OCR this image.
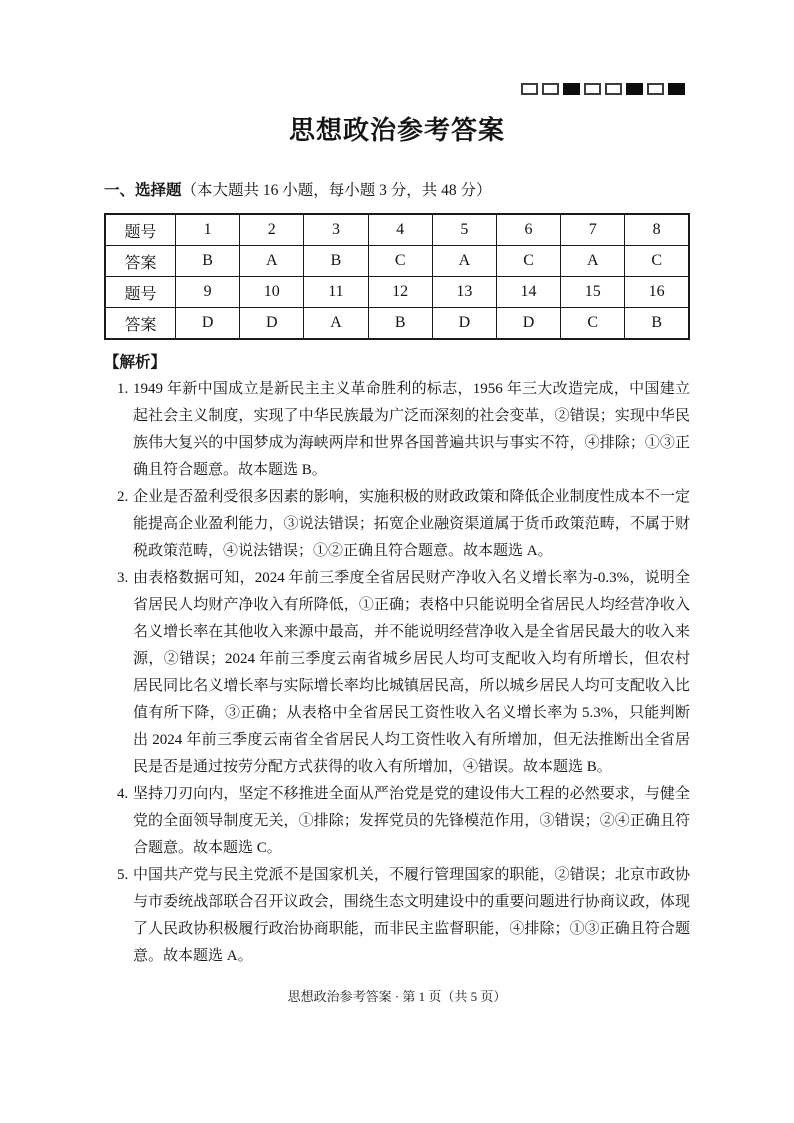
思想政治参考答案
一、选择题（本大题共 16 小题，每小题 3 分，共 48 分）
题号	1	2	3	4	5	6	7	8
答案	B	A	B	C	A	C	A	C
题号	9	10	11	12	13	14	15	16
答案	D	D	A	B	D	D	C	B
【解析】
1. 1949 年新中国成立是新民主主义革命胜利的标志，1956 年三大改造完成，中国建立起社会主义制度，实现了中华民族最为广泛而深刻的社会变革，②错误；实现中华民族伟大复兴的中国梦成为海峡两岸和世界各国普遍共识与事实不符，④排除；①③正确且符合题意。故本题选 B。
2. 企业是否盈利受很多因素的影响，实施积极的财政政策和降低企业制度性成本不一定能提高企业盈利能力，③说法错误；拓宽企业融资渠道属于货币政策范畴，不属于财税政策范畴，④说法错误；①②正确且符合题意。故本题选 A。
3. 由表格数据可知，2024 年前三季度全省居民财产净收入名义增长率为-0.3%，说明全省居民人均财产净收入有所降低，①正确；表格中只能说明全省居民人均经营净收入名义增长率在其他收入来源中最高，并不能说明经营净收入是全省居民最大的收入来源，②错误；2024 年前三季度云南省城乡居民人均可支配收入均有所增长，但农村居民同比名义增长率与实际增长率均比城镇居民高，所以城乡居民人均可支配收入比值有所下降，③正确；从表格中全省居民工资性收入名义增长率为 5.3%，只能判断出 2024 年前三季度云南省全省居民人均工资性收入有所增加，但无法推断出全省居民是否是通过按劳分配方式获得的收入有所增加，④错误。故本题选 B。
4. 坚持刀刃向内，坚定不移推进全面从严治党是党的建设伟大工程的必然要求，与健全党的全面领导制度无关，①排除；发挥党员的先锋模范作用，③错误；②④正确且符合题意。故本题选 C。
5. 中国共产党与民主党派不是国家机关，不履行管理国家的职能，②错误；北京市政协与市委统战部联合召开议政会，围绕生态文明建设中的重要问题进行协商议政，体现了人民政协积极履行政治协商职能，而非民主监督职能，④排除；①③正确且符合题意。故本题选 A。
思想政治参考答案 · 第 1 页（共 5 页）
